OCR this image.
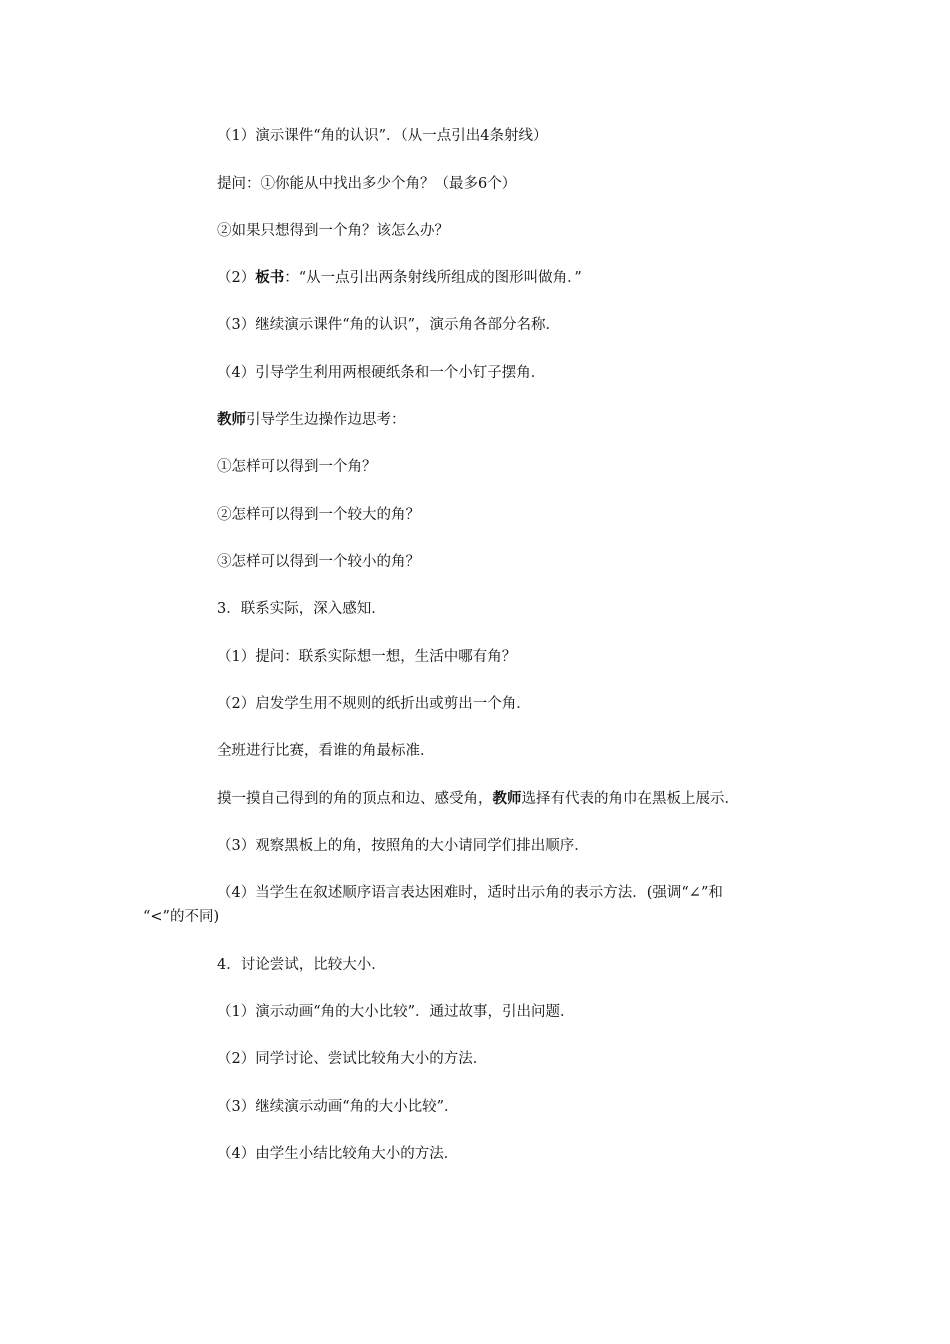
（1）演示课件“角的认识”．（从一点引出4条射线）
提问：①你能从中找出多少个角？（最多6个）
②如果只想得到一个角？该怎么办？
（2）板书：“从一点引出两条射线所组成的图形叫做角．”
（3）继续演示课件“角的认识”，演示角各部分名称．
（4）引导学生利用两根硬纸条和一个小钉子摆角．
教师引导学生边操作边思考：
①怎样可以得到一个角？
②怎样可以得到一个较大的角？
③怎样可以得到一个较小的角？
3．联系实际，深入感知．
（1）提问：联系实际想一想，生活中哪有角？
（2）启发学生用不规则的纸折出或剪出一个角．
全班进行比赛，看谁的角最标准．
摸一摸自己得到的角的顶点和边、感受角，教师选择有代表的角巾在黑板上展示．
（3）观察黑板上的角，按照角的大小请同学们排出顺序．
（4）当学生在叙述顺序语言表达困难时，适时出示角的表示方法．(强调“∠”和
“<”的不同)
4．讨论尝试，比较大小．
（1）演示动画“角的大小比较”．通过故事，引出问题．
（2）同学讨论、尝试比较角大小的方法．
（3）继续演示动画“角的大小比较”．
（4）由学生小结比较角大小的方法．
